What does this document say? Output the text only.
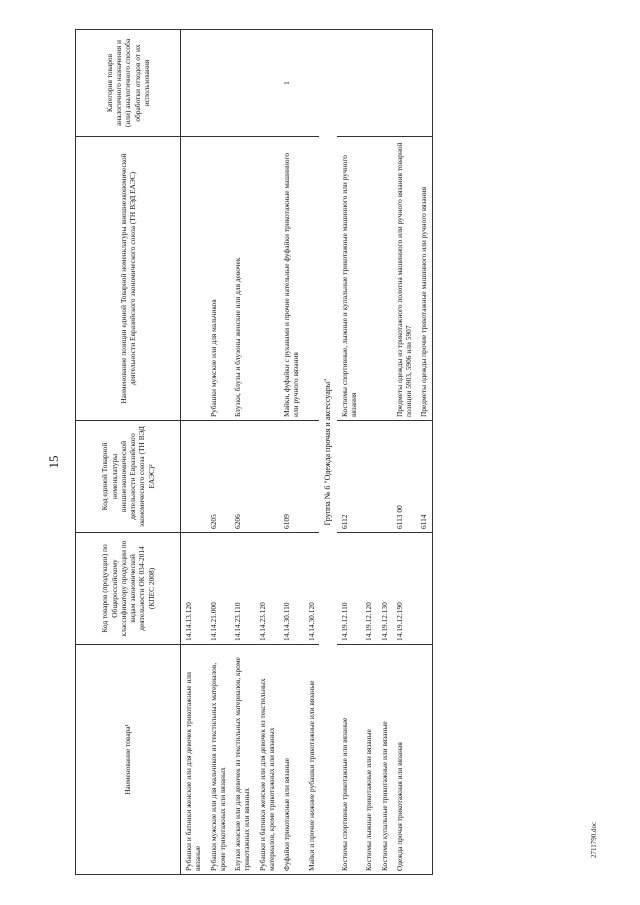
15
2711790.doc
Наименование товара¹	Код товаров (продукции) по Общероссийскому классификатору продукции по видам экономической деятельности ОК 034-2014 (КПЕС 2008)	Код единой Товарной номенклатуры внешнеэкономической деятельности Евразийского экономического союза (ТН ВЭД ЕАЭС)²	Наименование позиции единой Товарной номенклатуры внешнеэкономической деятельности Евразийского экономического союза (ТН ВЭД ЕАЭС)	Категория товаров аналогичного назначения и (или) аналогичного способа обработки отходов от их использования
Рубашки и батники женские или для девочек трикотажные или вязаные	14.14.13.120			
Рубашки мужские или для мальчиков из текстильных материалов, кроме трикотажных или вязаных	14.14.21.000	6205	Рубашки мужские или для мальчиков	
Блузки женские или для девочек из текстильных материалов, кроме трикотажных или вязаных	14.14.23.110	6206	Блузки, блузы и блузоны женские или для девочек	
Рубашки и батники женские или для девочек из текстильных материалов, кроме трикотажных или вязаных	14.14.23.120			
Фуфайки трикотажные или вязаные	14.14.30.110	6109	Майки, фуфайки с рукавами и прочие нательные фуфайки трикотажные машинного или ручного вязания	1
Майки и прочие нижние рубашки трикотажные или вязаные	14.14.30.120			
Группа № 6 "Одежда прочая и аксессуары"				
Костюмы спортивные трикотажные или вязаные	14.19.12.110	6112	Костюмы спортивные, лыжные и купальные трикотажные машинного или ручного вязания	
Костюмы лыжные трикотажные или вязаные	14.19.12.120			
Костюмы купальные трикотажные или вязаные	14.19.12.130			
Одежда прочая трикотажная или вязаная	14.19.12.190	6113 00	Предметы одежды из трикотажного полотна машинного или ручного вязания товарной позиции 5903, 5906 или 5907	
		6114	Предметы одежды прочие трикотажные машинного или ручного вязания	
